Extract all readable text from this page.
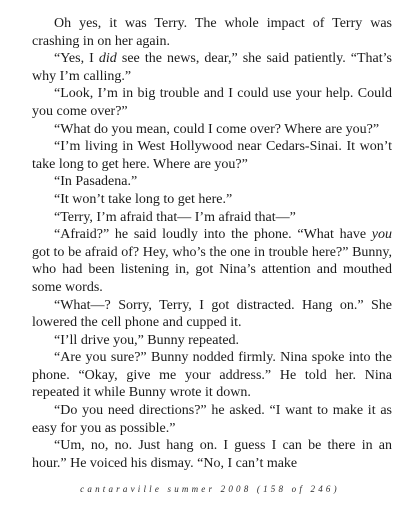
Oh yes, it was Terry. The whole impact of Terry was crashing in on her again.

“Yes, I did see the news, dear,” she said patiently. “That’s why I’m calling.”

“Look, I’m in big trouble and I could use your help. Could you come over?”

“What do you mean, could I come over? Where are you?”

“I’m living in West Hollywood near Cedars-Sinai. It won’t take long to get here. Where are you?”

“In Pasadena.”

“It won’t take long to get here.”

“Terry, I’m afraid that— I’m afraid that—”

“Afraid?” he said loudly into the phone. “What have you got to be afraid of? Hey, who’s the one in trouble here?” Bunny, who had been listening in, got Nina’s attention and mouthed some words.

“What—? Sorry, Terry, I got distracted. Hang on.” She lowered the cell phone and cupped it.

“I’ll drive you,” Bunny repeated.

“Are you sure?” Bunny nodded firmly. Nina spoke into the phone. “Okay, give me your address.” He told her. Nina repeated it while Bunny wrote it down.

“Do you need directions?” he asked. “I want to make it as easy for you as possible.”

“Um, no, no. Just hang on. I guess I can be there in an hour.” He voiced his dismay. “No, I can’t make

cantaraville summer 2008 (158 of 246)
